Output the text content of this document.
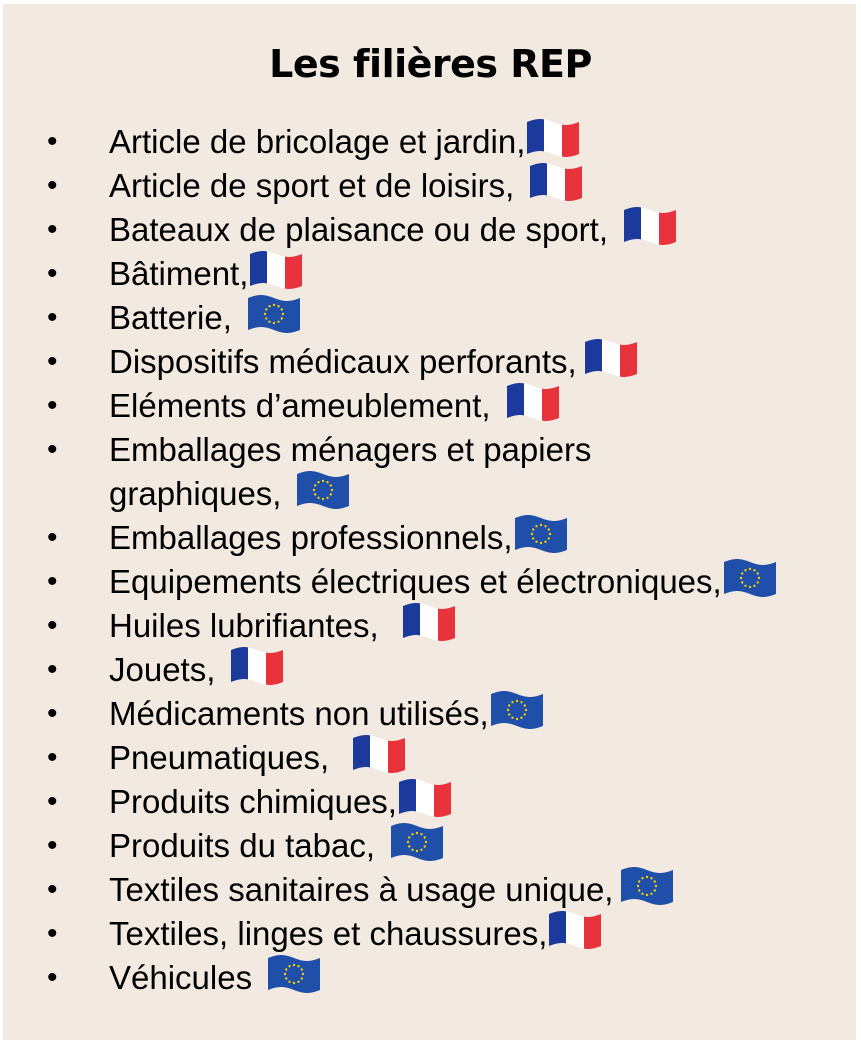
Les filières REP
• Article de bricolage et jardin,
• Article de sport et de loisirs,
• Bateaux de plaisance ou de sport,
• Bâtiment,
• Batterie,
• Dispositifs médicaux perforants,
• Eléments d’ameublement,
• Emballages ménagers et papiers graphiques,
• Emballages professionnels,
• Equipements électriques et électroniques,
• Huiles lubrifiantes,
• Jouets,
• Médicaments non utilisés,
• Pneumatiques,
• Produits chimiques,
• Produits du tabac,
• Textiles sanitaires à usage unique,
• Textiles, linges et chaussures,
• Véhicules
